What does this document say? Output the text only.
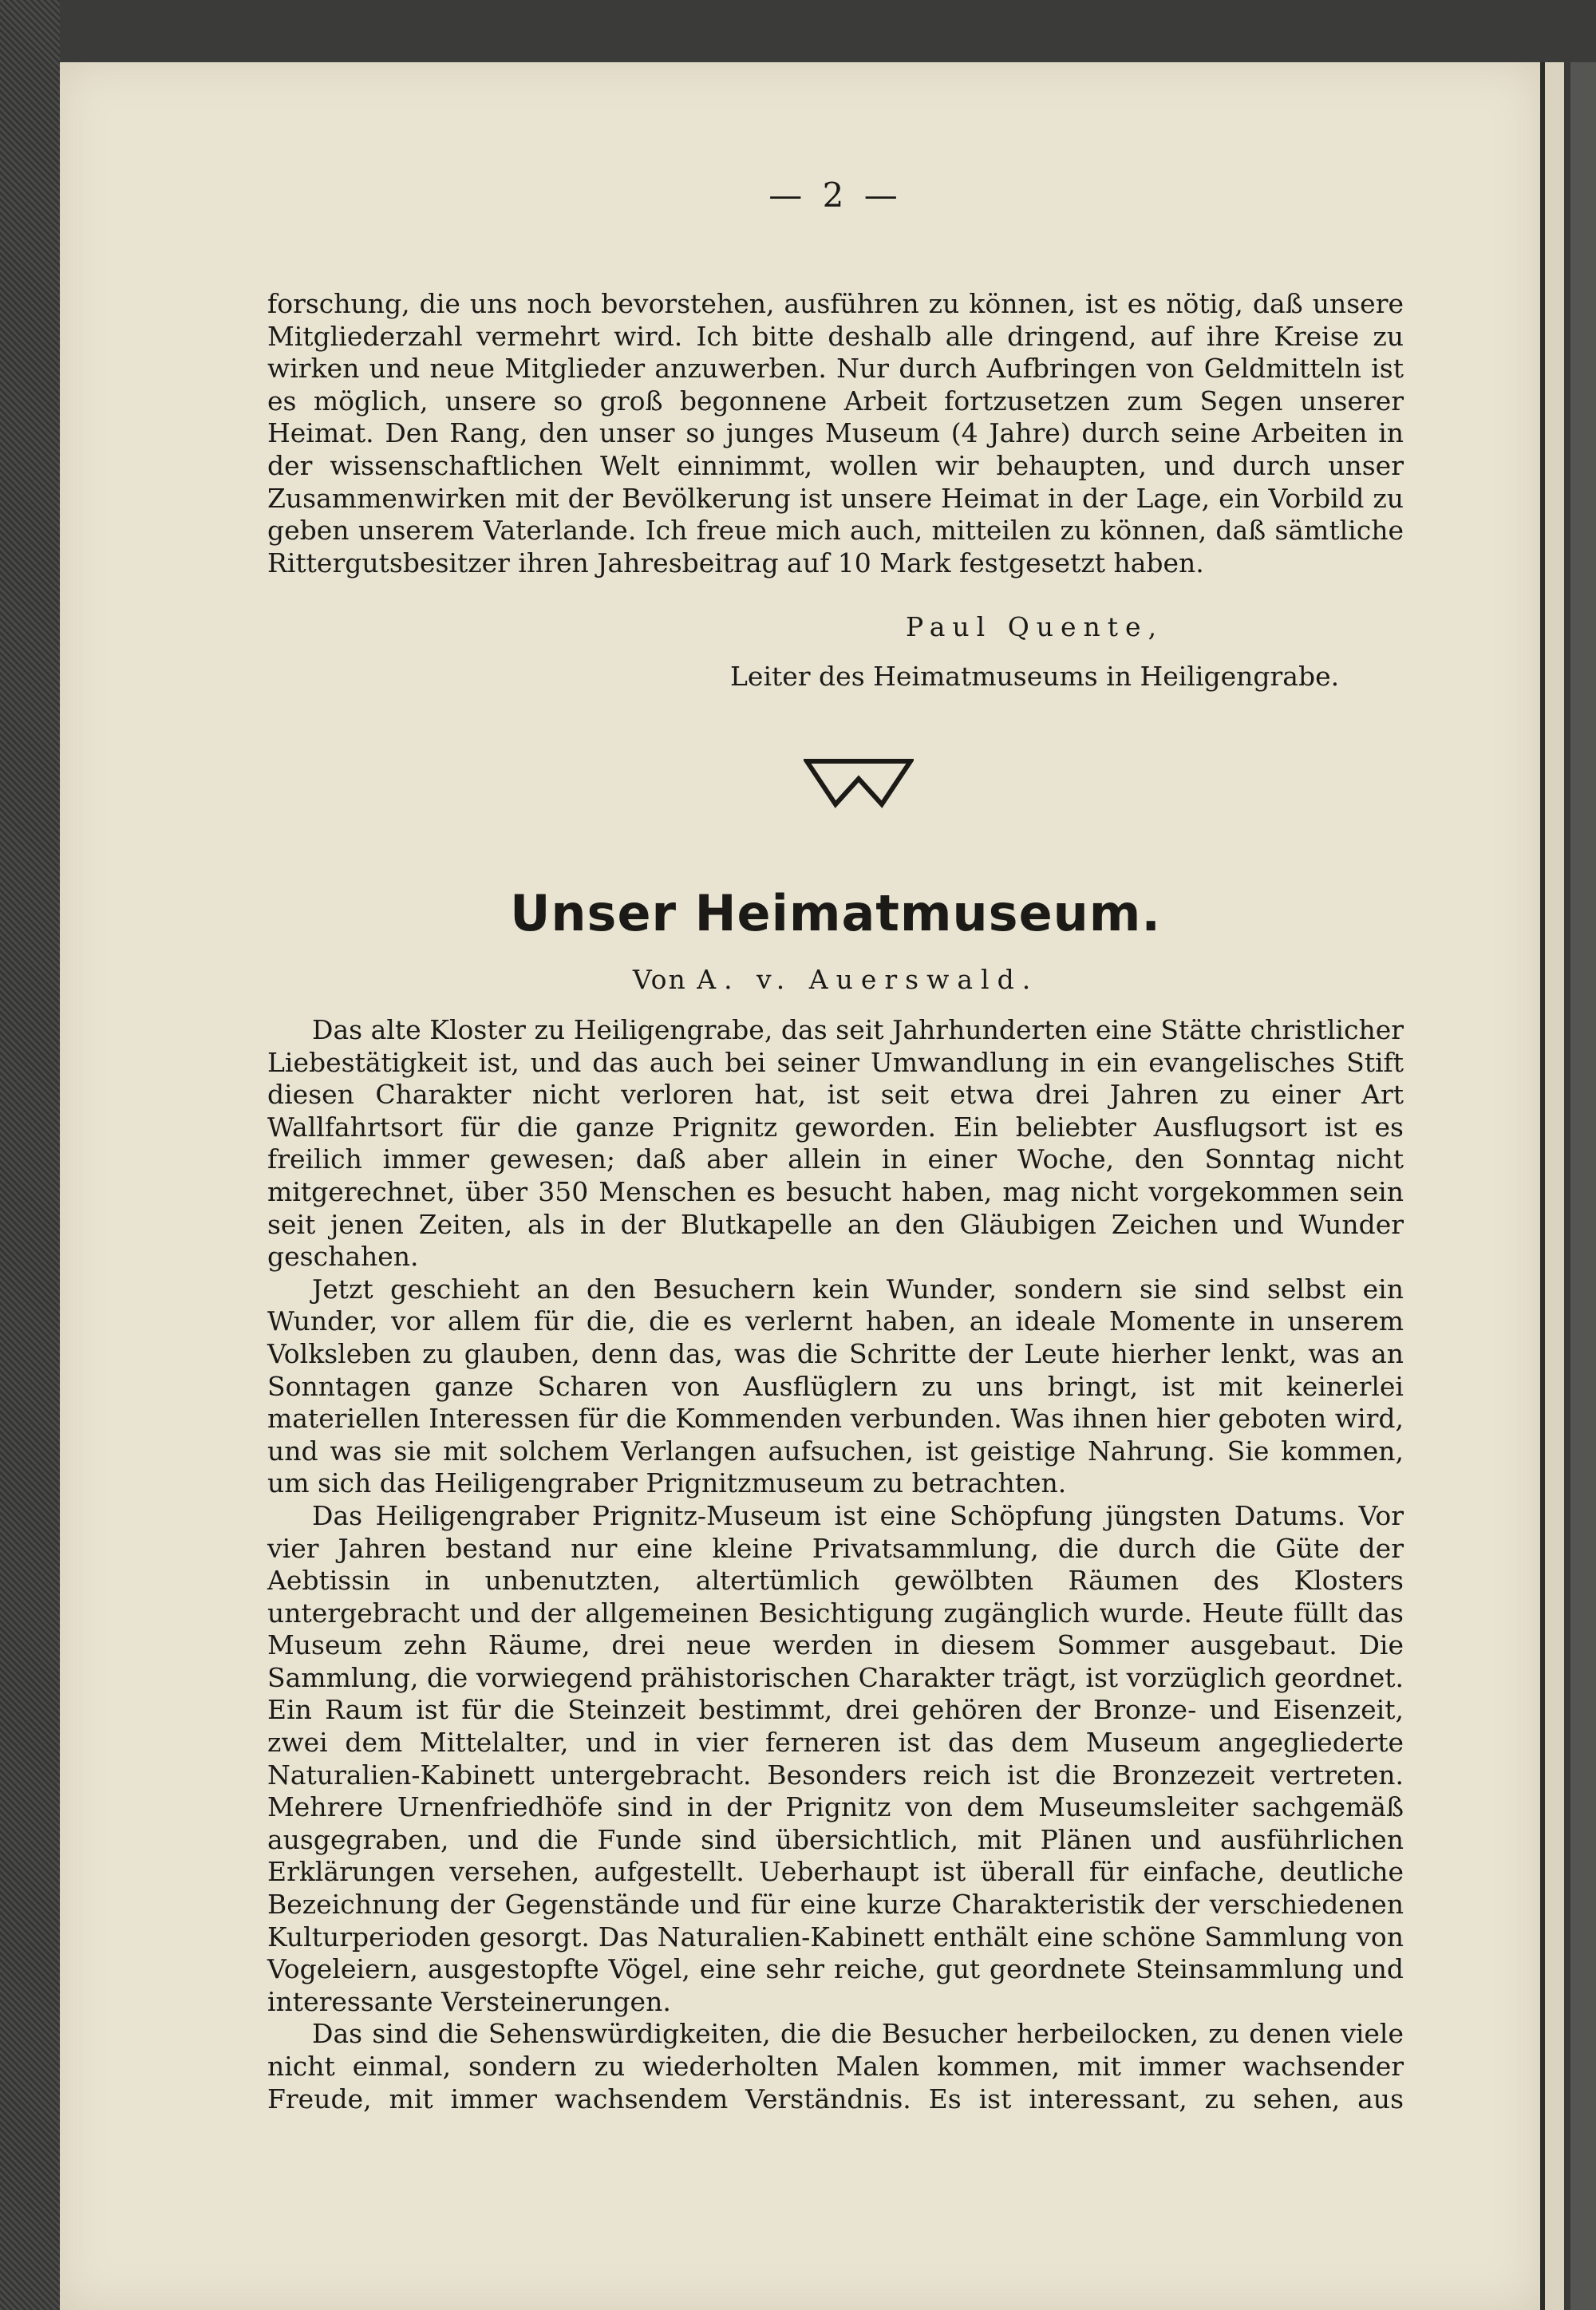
— 2 —

forschung, die uns noch bevorstehen, ausführen zu können, ist es nötig, daß unsere Mitgliederzahl vermehrt wird. Ich bitte deshalb alle dringend, auf ihre Kreise zu wirken und neue Mitglieder anzuwerben. Nur durch Aufbringen von Geldmitteln ist es möglich, unsere so groß begonnene Arbeit fortzusetzen zum Segen unserer Heimat. Den Rang, den unser so junges Museum (4 Jahre) durch seine Arbeiten in der wissenschaftlichen Welt einnimmt, wollen wir behaupten, und durch unser Zusammenwirken mit der Bevölkerung ist unsere Heimat in der Lage, ein Vorbild zu geben unserem Vaterlande. Ich freue mich auch, mitteilen zu können, daß sämtliche Rittergutsbesitzer ihren Jahresbeitrag auf 10 Mark festgesetzt haben.

Paul Quente,
Leiter des Heimatmuseums in Heiligengrabe.
Unser Heimatmuseum.
Von A. v. Auerswald.

Das alte Kloster zu Heiligengrabe, das seit Jahrhunderten eine Stätte christlicher Liebestätigkeit ist, und das auch bei seiner Umwandlung in ein evangelisches Stift diesen Charakter nicht verloren hat, ist seit etwa drei Jahren zu einer Art Wallfahrtsort für die ganze Prignitz geworden. Ein beliebter Ausflugsort ist es freilich immer gewesen; daß aber allein in einer Woche, den Sonntag nicht mitgerechnet, über 350 Menschen es besucht haben, mag nicht vorgekommen sein seit jenen Zeiten, als in der Blutkapelle an den Gläubigen Zeichen und Wunder geschahen.

Jetzt geschieht an den Besuchern kein Wunder, sondern sie sind selbst ein Wunder, vor allem für die, die es verlernt haben, an ideale Momente in unserem Volksleben zu glauben, denn das, was die Schritte der Leute hierher lenkt, was an Sonntagen ganze Scharen von Ausflüglern zu uns bringt, ist mit keinerlei materiellen Interessen für die Kommenden verbunden. Was ihnen hier geboten wird, und was sie mit solchem Verlangen aufsuchen, ist geistige Nahrung. Sie kommen, um sich das Heiligengraber Prignitzmuseum zu betrachten.

Das Heiligengraber Prignitz-Museum ist eine Schöpfung jüngsten Datums. Vor vier Jahren bestand nur eine kleine Privatsammlung, die durch die Güte der Aebtissin in unbenutzten, altertümlich gewölbten Räumen des Klosters untergebracht und der allgemeinen Besichtigung zugänglich wurde. Heute füllt das Museum zehn Räume, drei neue werden in diesem Sommer ausgebaut. Die Sammlung, die vorwiegend prähistorischen Charakter trägt, ist vorzüglich geordnet. Ein Raum ist für die Steinzeit bestimmt, drei gehören der Bronze- und Eisenzeit, zwei dem Mittelalter, und in vier ferneren ist das dem Museum angegliederte Naturalien-Kabinett untergebracht. Besonders reich ist die Bronzezeit vertreten. Mehrere Urnenfriedhöfe sind in der Prignitz von dem Museumsleiter sachgemäß ausgegraben, und die Funde sind übersichtlich, mit Plänen und ausführlichen Erklärungen versehen, aufgestellt. Ueberhaupt ist überall für einfache, deutliche Bezeichnung der Gegenstände und für eine kurze Charakteristik der verschiedenen Kulturperioden gesorgt. Das Naturalien-Kabinett enthält eine schöne Sammlung von Vogeleiern, ausgestopfte Vögel, eine sehr reiche, gut geordnete Steinsammlung und interessante Versteinerungen.

Das sind die Sehenswürdigkeiten, die die Besucher herbeilocken, zu denen viele nicht einmal, sondern zu wiederholten Malen kommen, mit immer wachsender Freude, mit immer wachsendem Verständnis. Es ist interessant, zu sehen, aus
